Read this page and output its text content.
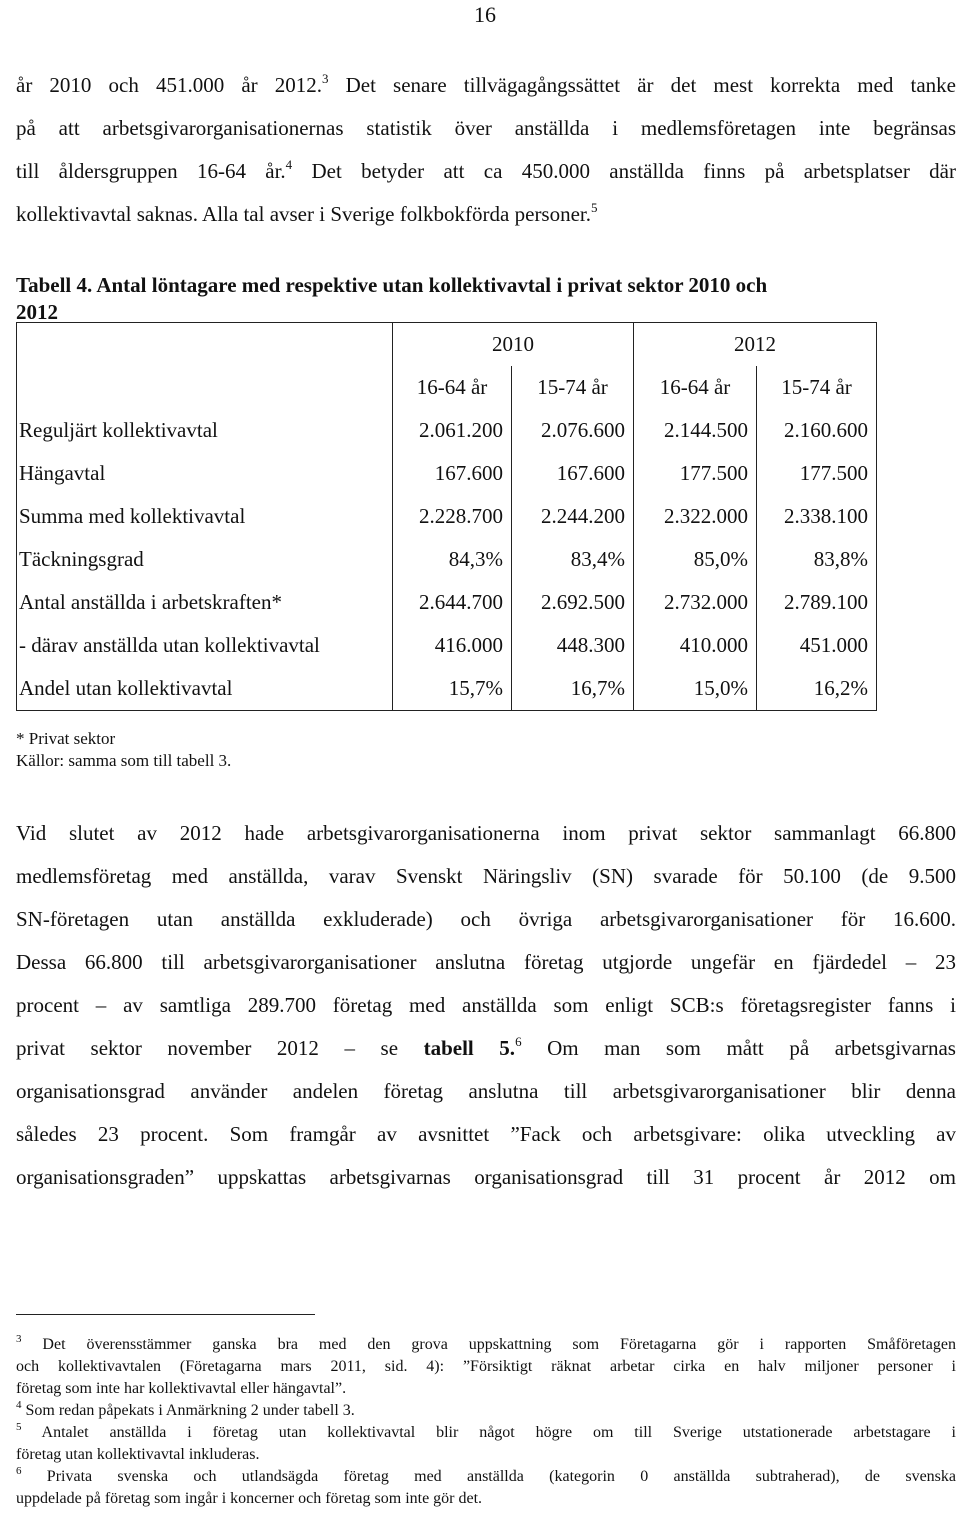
16
år 2010 och 451.000 år 2012.$^3$ Det senare tillvägagångssättet är det mest korrekta med tanke
på att arbetsgivarorganisationernas statistik över anställda i medlemsföretagen inte begränsas
till åldersgruppen 16-64 år.$^4$ Det betyder att ca 450.000 anställda finns på arbetsplatser där
kollektivavtal saknas. Alla tal avser i Sverige folkbokförda personer.$^5$
Tabell 4. Antal löntagare med respektive utan kollektivavtal i privat sektor 2010 och
2012
	2010		2012	
	16-64 år	15-74 år	16-64 år	15-74 år
Reguljärt kollektivavtal	2.061.200	2.076.600	2.144.500	2.160.600
Hängavtal	167.600	167.600	177.500	177.500
Summa med kollektivavtal	2.228.700	2.244.200	2.322.000	2.338.100
Täckningsgrad	84,3%	83,4%	85,0%	83,8%
Antal anställda i arbetskraften*	2.644.700	2.692.500	2.732.000	2.789.100
- därav anställda utan kollektivavtal	416.000	448.300	410.000	451.000
Andel utan kollektivavtal	15,7%	16,7%	15,0%	16,2%
* Privat sektor
Källor: samma som till tabell 3.
Vid slutet av 2012 hade arbetsgivarorganisationerna inom privat sektor sammanlagt 66.800
medlemsföretag med anställda, varav Svenskt Näringsliv (SN) svarade för 50.100 (de 9.500
SN-företagen utan anställda exkluderade) och övriga arbetsgivarorganisationer för 16.600.
Dessa 66.800 till arbetsgivarorganisationer anslutna företag utgjorde ungefär en fjärdedel – 23
procent – av samtliga 289.700 företag med anställda som enligt SCB:s företagsregister fanns i
privat sektor november 2012 – se tabell 5.$^6$ Om man som mått på arbetsgivarnas
organisationsgrad använder andelen företag anslutna till arbetsgivarorganisationer blir denna
således 23 procent. Som framgår av avsnittet ”Fack och arbetsgivare: olika utveckling av
organisationsgraden” uppskattas arbetsgivarnas organisationsgrad till 31 procent år 2012 om
$^3$ Det överensstämmer ganska bra med den grova uppskattning som Företagarna gör i rapporten Småföretagen
och kollektivavtalen (Företagarna mars 2011, sid. 4): ”Försiktigt räknat arbetar cirka en halv miljoner personer i
företag som inte har kollektivavtal eller hängavtal”.
$^4$ Som redan påpekats i Anmärkning 2 under tabell 3.
$^5$ Antalet anställda i företag utan kollektivavtal blir något högre om till Sverige utstationerade arbetstagare i
företag utan kollektivavtal inkluderas.
$^6$ Privata svenska och utlandsägda företag med anställda (kategorin 0 anställda subtraherad), de svenska
uppdelade på företag som ingår i koncerner och företag som inte gör det.
